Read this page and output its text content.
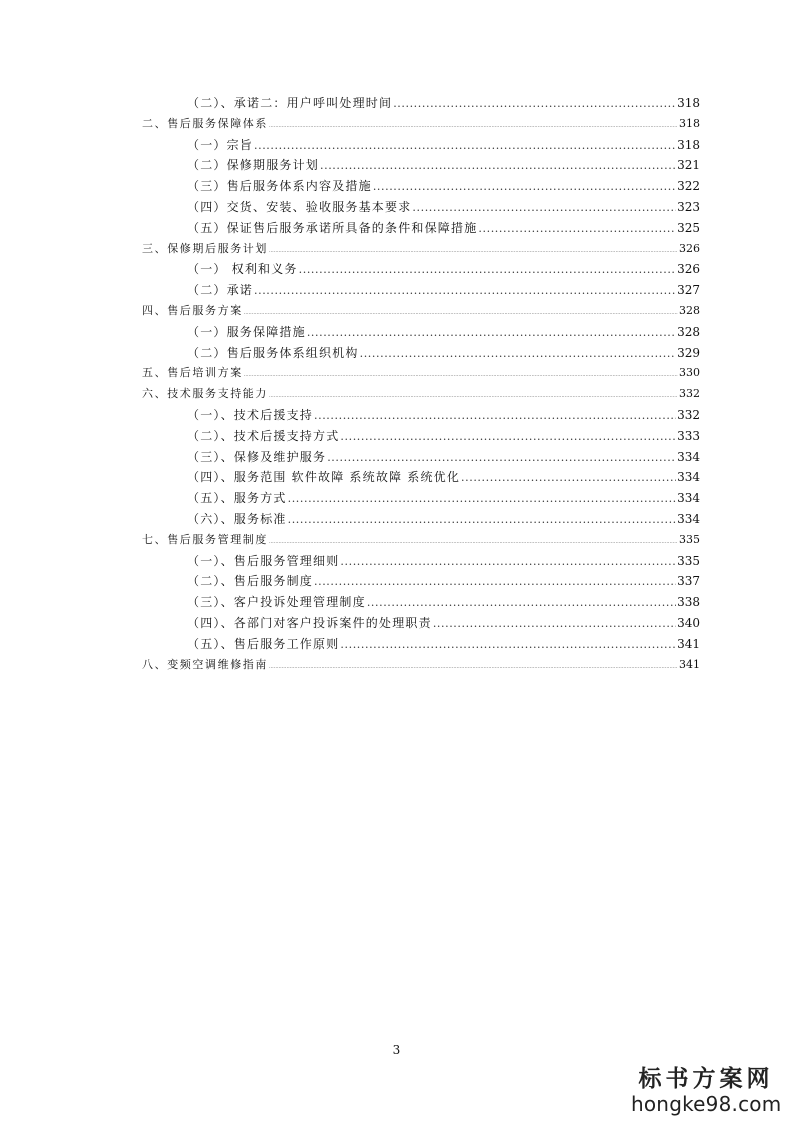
（二）、承诺二：用户呼叫处理时间 .....	318
二、售后服务保障体系 .....	318
（一）宗旨 .....	318
（二）保修期服务计划 .....	321
（三）售后服务体系内容及措施 .....	322
（四）交货、安装、验收服务基本要求 .....	323
（五）保证售后服务承诺所具备的条件和保障措施 .....	325
三、保修期后服务计划 .....	326
（一） 权利和义务 .....	326
（二）承诺 .....	327
四、售后服务方案 .....	328
（一）服务保障措施 .....	328
（二）售后服务体系组织机构 .....	329
五、售后培训方案 .....	330
六、技术服务支持能力 .....	332
（一）、技术后援支持 .....	332
（二）、技术后援支持方式 .....	333
（三）、保修及维护服务 .....	334
（四）、服务范围 软件故障 系统故障 系统优化 .....	334
（五）、服务方式 .....	334
（六）、服务标准 .....	334
七、售后服务管理制度 .....	335
（一）、售后服务管理细则 .....	335
（二）、售后服务制度 .....	337
（三）、客户投诉处理管理制度 .....	338
（四）、各部门对客户投诉案件的处理职责 .....	340
（五）、售后服务工作原则 .....	341
八、变频空调维修指南 .....	341
3
标书方案网
hongke98.com
